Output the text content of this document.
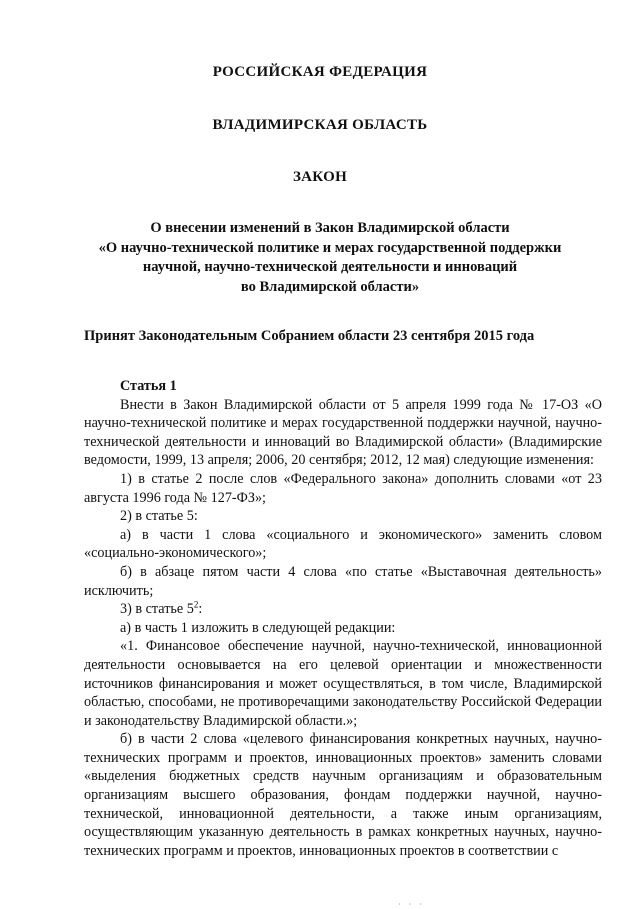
РОССИЙСКАЯ ФЕДЕРАЦИЯ
ВЛАДИМИРСКАЯ ОБЛАСТЬ
ЗАКОН
О внесении изменений в Закон Владимирской области
«О научно-технической политике и мерах государственной поддержки
научной, научно-технической деятельности и инноваций
во Владимирской области»
Принят Законодательным Собранием области 23 сентября 2015 года

Статья 1

Внести в Закон Владимирской области от 5 апреля 1999 года № 17-ОЗ «О научно-технической политике и мерах государственной поддержки научной, научно-технической деятельности и инноваций во Владимирской области» (Владимирские ведомости, 1999, 13 апреля; 2006, 20 сентября; 2012, 12 мая) следующие изменения:

1) в статье 2 после слов «Федерального закона» дополнить словами «от 23 августа 1996 года № 127-ФЗ»;

2) в статье 5:

а) в части 1 слова «социального и экономического» заменить словом «социально-экономического»;

б) в абзаце пятом части 4 слова «по статье «Выставочная деятельность» исключить;

3) в статье $5^2$:

а) в часть 1 изложить в следующей редакции:

«1. Финансовое обеспечение научной, научно-технической, инновационной деятельности основывается на его целевой ориентации и множественности источников финансирования и может осуществляться, в том числе, Владимирской областью, способами, не противоречащими законодательству Российской Федерации и законодательству Владимирской области.»;

б) в части 2 слова «целевого финансирования конкретных научных, научно-технических программ и проектов, инновационных проектов» заменить словами «выделения бюджетных средств научным организациям и образовательным организациям высшего образования, фондам поддержки научной, научно-технической, инновационной деятельности, а также иным организациям, осуществляющим указанную деятельность в рамках конкретных научных, научно-технических программ и проектов, инновационных проектов в соответствии с

· · ·
